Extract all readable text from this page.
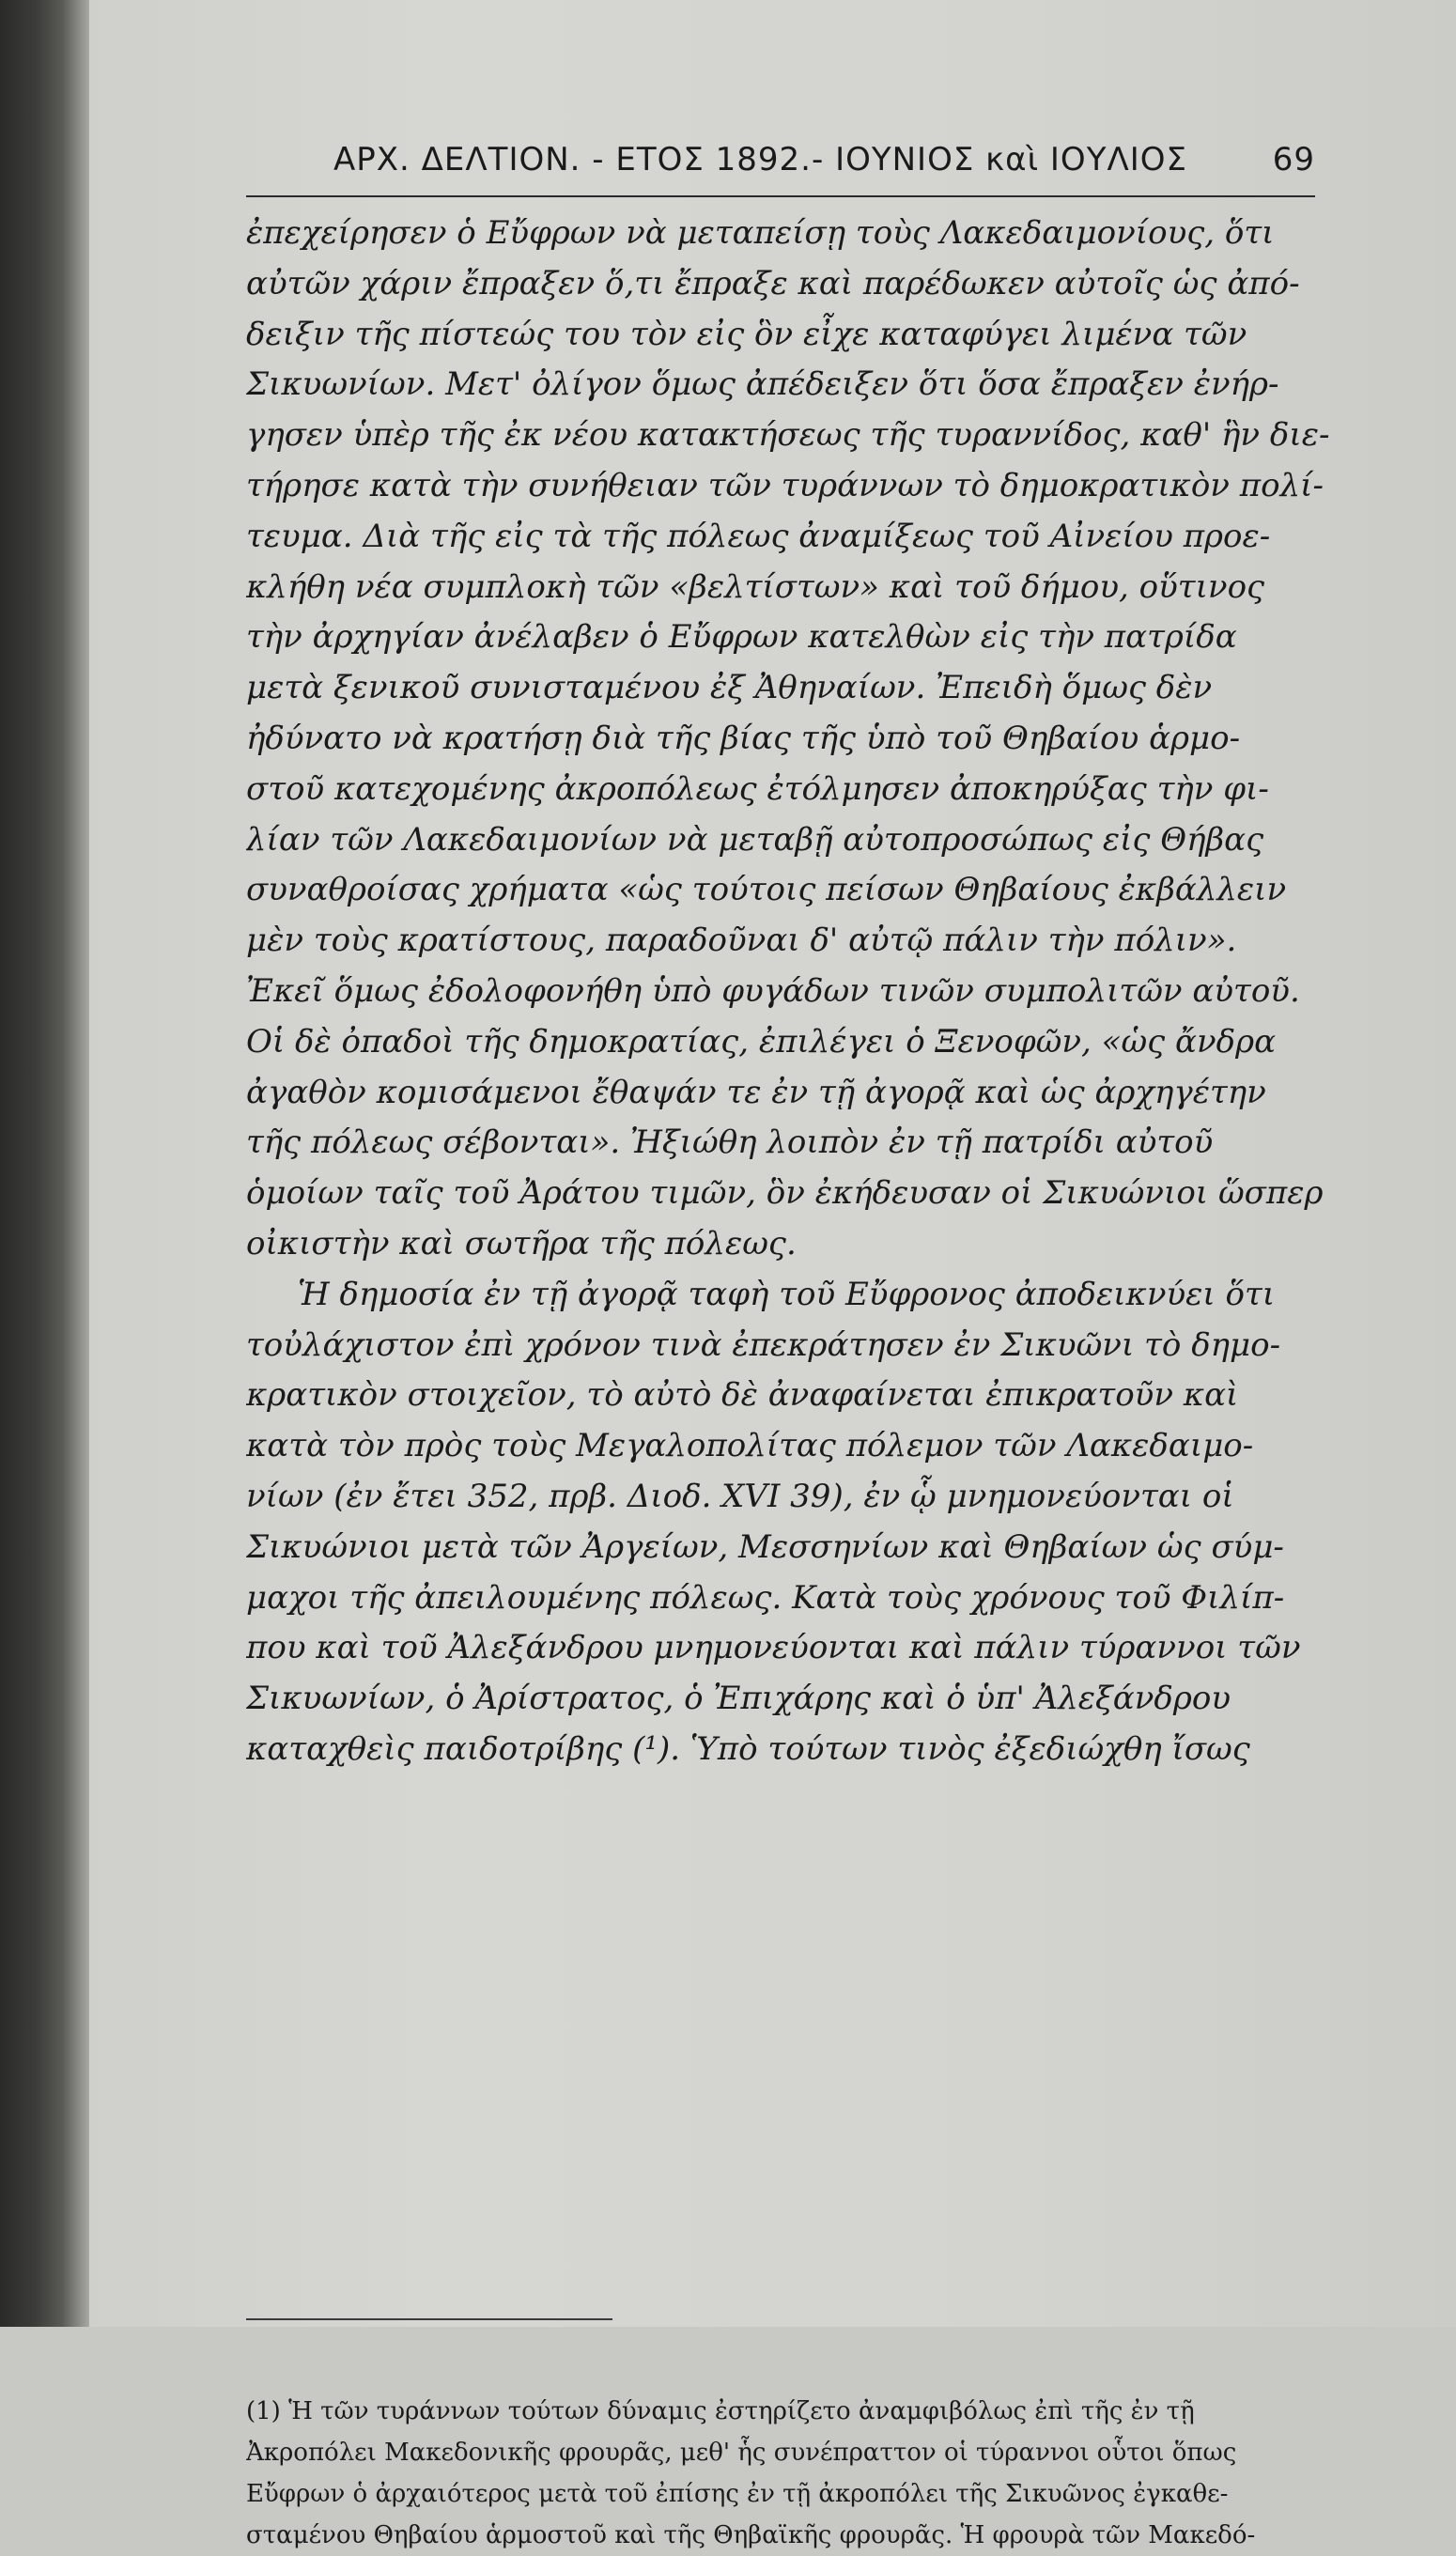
ΑΡΧ. ΔΕΛΤΙΟΝ. - ΕΤΟΣ 1892.- ΙΟΥΝΙΟΣ καὶ ΙΟΥΛΙΟΣ	69
ἐπεχείρησεν ὁ Εὔφρων νὰ μεταπείσῃ τοὺς Λακεδαιμονίους, ὅτι
αὐτῶν χάριν ἔπραξεν ὅ,τι ἔπραξε καὶ παρέδωκεν αὐτοῖς ὡς ἀπό-
δειξιν τῆς πίστεώς του τὸν εἰς ὃν εἶχε καταφύγει λιμένα τῶν
Σικυωνίων. Μετ' ὀλίγον ὅμως ἀπέδειξεν ὅτι ὅσα ἔπραξεν ἐνήρ-
γησεν ὑπὲρ τῆς ἐκ νέου κατακτήσεως τῆς τυραννίδος, καθ' ἣν διε-
τήρησε κατὰ τὴν συνήθειαν τῶν τυράννων τὸ δημοκρατικὸν πολί-
τευμα. Διὰ τῆς εἰς τὰ τῆς πόλεως ἀναμίξεως τοῦ Αἰνείου προε-
κλήθη νέα συμπλοκὴ τῶν «βελτίστων» καὶ τοῦ δήμου, οὕτινος
τὴν ἀρχηγίαν ἀνέλαβεν ὁ Εὔφρων κατελθὼν εἰς τὴν πατρίδα
μετὰ ξενικοῦ συνισταμένου ἐξ Ἀθηναίων. Ἐπειδὴ ὅμως δὲν
ἠδύνατο νὰ κρατήσῃ διὰ τῆς βίας τῆς ὑπὸ τοῦ Θηβαίου ἁρμο-
στοῦ κατεχομένης ἀκροπόλεως ἐτόλμησεν ἀποκηρύξας τὴν φι-
λίαν τῶν Λακεδαιμονίων νὰ μεταβῇ αὐτοπροσώπως εἰς Θήβας
συναθροίσας χρήματα «ὡς τούτοις πείσων Θηβαίους ἐκβάλλειν
μὲν τοὺς κρατίστους, παραδοῦναι δ' αὐτῷ πάλιν τὴν πόλιν».
Ἐκεῖ ὅμως ἐδολοφονήθη ὑπὸ φυγάδων τινῶν συμπολιτῶν αὐτοῦ.
Οἱ δὲ ὀπαδοὶ τῆς δημοκρατίας, ἐπιλέγει ὁ Ξενοφῶν, «ὡς ἄνδρα
ἀγαθὸν κομισάμενοι ἔθαψάν τε ἐν τῇ ἀγορᾷ καὶ ὡς ἀρχηγέτην
τῆς πόλεως σέβονται». Ἠξιώθη λοιπὸν ἐν τῇ πατρίδι αὐτοῦ
ὁμοίων ταῖς τοῦ Ἀράτου τιμῶν, ὃν ἐκήδευσαν οἱ Σικυώνιοι ὥσπερ
οἰκιστὴν καὶ σωτῆρα τῆς πόλεως.
Ἡ δημοσία ἐν τῇ ἀγορᾷ ταφὴ τοῦ Εὔφρονος ἀποδεικνύει ὅτι
τοὐλάχιστον ἐπὶ χρόνον τινὰ ἐπεκράτησεν ἐν Σικυῶνι τὸ δημο-
κρατικὸν στοιχεῖον, τὸ αὐτὸ δὲ ἀναφαίνεται ἐπικρατοῦν καὶ
κατὰ τὸν πρὸς τοὺς Μεγαλοπολίτας πόλεμον τῶν Λακεδαιμο-
νίων (ἐν ἔτει 352, πρβ. Διοδ. XVI 39), ἐν ᾧ μνημονεύονται οἱ
Σικυώνιοι μετὰ τῶν Ἀργείων, Μεσσηνίων καὶ Θηβαίων ὡς σύμ-
μαχοι τῆς ἀπειλουμένης πόλεως. Κατὰ τοὺς χρόνους τοῦ Φιλίπ-
που καὶ τοῦ Ἀλεξάνδρου μνημονεύονται καὶ πάλιν τύραννοι τῶν
Σικυωνίων, ὁ Ἀρίστρατος, ὁ Ἐπιχάρης καὶ ὁ ὑπ' Ἀλεξάνδρου
καταχθεὶς παιδοτρίβης (¹). Ὑπὸ τούτων τινὸς ἐξεδιώχθη ἴσως
(1) Ἡ τῶν τυράννων τούτων δύναμις ἐστηρίζετο ἀναμφιβόλως ἐπὶ τῆς ἐν τῇ
Ἀκροπόλει Μακεδονικῆς φρουρᾶς, μεθ' ἧς συνέπραττον οἱ τύραννοι οὗτοι ὅπως
Εὔφρων ὁ ἀρχαιότερος μετὰ τοῦ ἐπίσης ἐν τῇ ἀκροπόλει τῆς Σικυῶνος ἐγκαθε-
σταμένου Θηβαίου ἁρμοστοῦ καὶ τῆς Θηβαϊκῆς φρουρᾶς. Ἡ φρουρὰ τῶν Μακεδό-
